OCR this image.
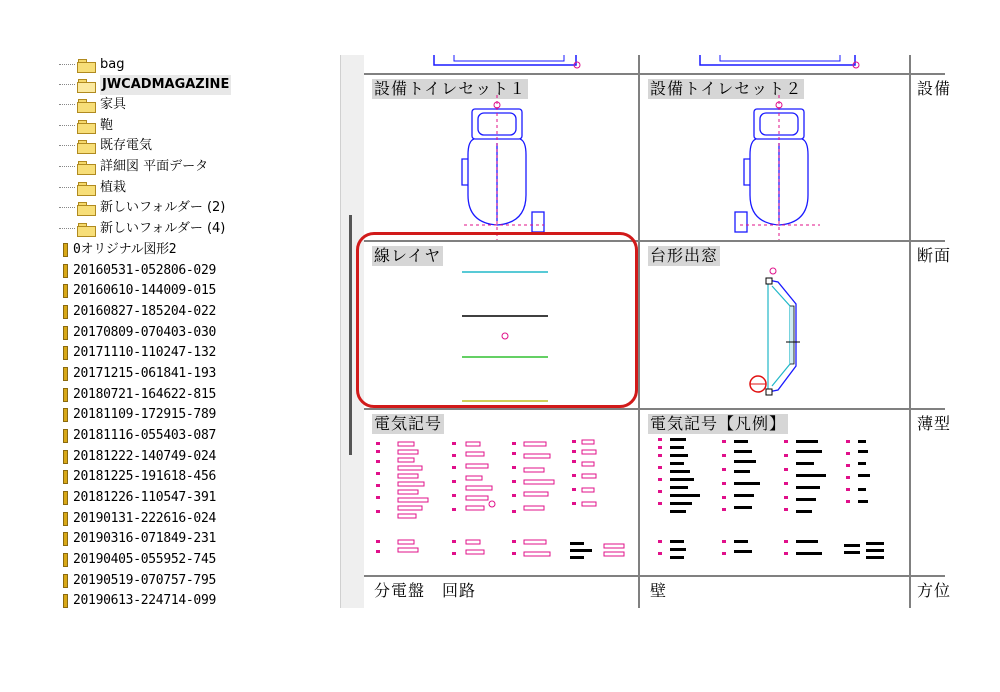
bag
JWCADMAGAZINE
家具
鞄
既存電気
詳細図 平面データ
植栽
新しいフォルダー (2)
新しいフォルダー (4)
0オリジナル図形2
20160531-052806-029
20160610-144009-015
20160827-185204-022
20170809-070403-030
20171110-110247-132
20171215-061841-193
20180721-164622-815
20181109-172915-789
20181116-055403-087
20181222-140749-024
20181225-191618-456
20181226-110547-391
20190131-222616-024
20190316-071849-231
20190405-055952-745
20190519-070757-795
20190613-224714-099
設備トイレセット１	設備トイレセット２	設備
線レイヤ	台形出窓	断面
電気記号	電気記号【凡例】	薄型
分電盤　回路	壁	方位
